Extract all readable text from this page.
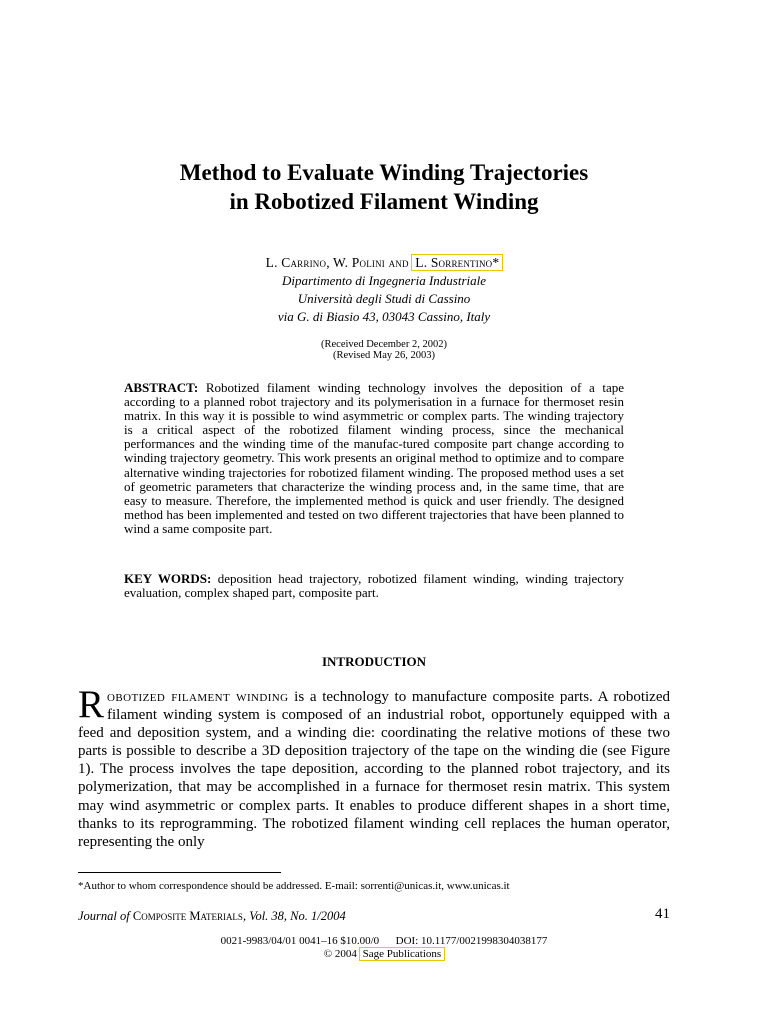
Method to Evaluate Winding Trajectories
in Robotized Filament Winding
L. Carrino, W. Polini and L. Sorrentino*
Dipartimento di Ingegneria Industriale
Università degli Studi di Cassino
via G. di Biasio 43, 03043 Cassino, Italy
(Received December 2, 2002)
(Revised May 26, 2003)
ABSTRACT: Robotized filament winding technology involves the deposition of a tape according to a planned robot trajectory and its polymerisation in a furnace for thermoset resin matrix. In this way it is possible to wind asymmetric or complex parts. The winding trajectory is a critical aspect of the robotized filament winding process, since the mechanical performances and the winding time of the manufac-tured composite part change according to winding trajectory geometry. This work presents an original method to optimize and to compare alternative winding trajectories for robotized filament winding. The proposed method uses a set of geometric parameters that characterize the winding process and, in the same time, that are easy to measure. Therefore, the implemented method is quick and user friendly. The designed method has been implemented and tested on two different trajectories that have been planned to wind a same composite part.
KEY WORDS: deposition head trajectory, robotized filament winding, winding trajectory evaluation, complex shaped part, composite part.
INTRODUCTION
Robotized filament winding is a technology to manufacture composite parts. A robotized filament winding system is composed of an industrial robot, opportunely equipped with a feed and deposition system, and a winding die: coordinating the relative motions of these two parts is possible to describe a 3D deposition trajectory of the tape on the winding die (see Figure 1). The process involves the tape deposition, according to the planned robot trajectory, and its polymerization, that may be accomplished in a furnace for thermoset resin matrix. This system may wind asymmetric or complex parts. It enables to produce different shapes in a short time, thanks to its reprogramming. The robotized filament winding cell replaces the human operator, representing the only
*Author to whom correspondence should be addressed. E-mail: sorrenti@unicas.it, www.unicas.it
Journal of Composite Materials, Vol. 38, No. 1/2004	41
0021-9983/04/01 0041–16 $10.00/0 DOI: 10.1177/0021998304038177
© 2004 Sage Publications
